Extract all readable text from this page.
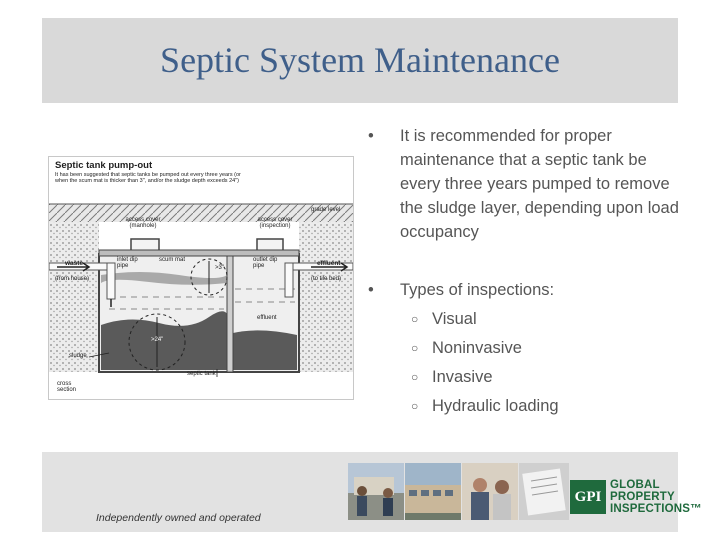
Septic System Maintenance
Septic tank pump-out
It has been suggested that septic tanks be pumped out every three years (or when the scum mat is thicker than 3", and/or the sludge depth exceeds 24")
grade level
access cover (manhole)
access cover (inspection)
waste
(from house)
inlet dip pipe
scum mat
>3"
outlet dip pipe	effluent
(to tile bed)
effluent
>24"
sludge
septic tank
cross section
• It is recommended for proper maintenance that a septic tank be every three years pumped to remove the sludge layer, depending upon load occupancy
• Types of inspections:
○ Visual
○ Noninvasive
○ Invasive
○ Hydraulic loading
Independently owned and operated
GPI
GLOBAL
PROPERTY
INSPECTIONS™
